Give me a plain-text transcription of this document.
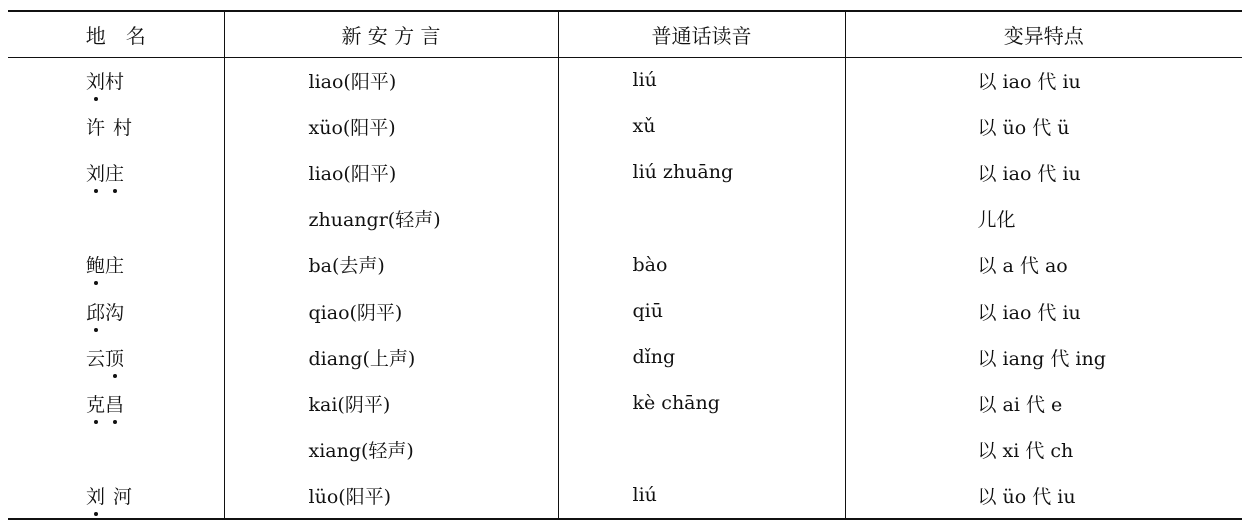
地　名	新 安 方 言	普通话读音	变异特点
刘村	liao(阳平)	liú	以 iao 代 iu
许 村	xüo(阳平)	xǔ	以 üo 代 ü
刘庄	liao(阳平)	liú zhuāng	以 iao 代 iu
	zhuangr(轻声)		儿化
鲍庄	ba(去声)	bào	以 a 代 ao
邱沟	qiao(阴平)	qiū	以 iao 代 iu
云顶	diang(上声)	dǐng	以 iang 代 ing
克昌	kai(阴平)	kè chāng	以 ai 代 e
	xiang(轻声)		以 xi 代 ch
刘 河	lüo(阳平)	liú	以 üo 代 iu
